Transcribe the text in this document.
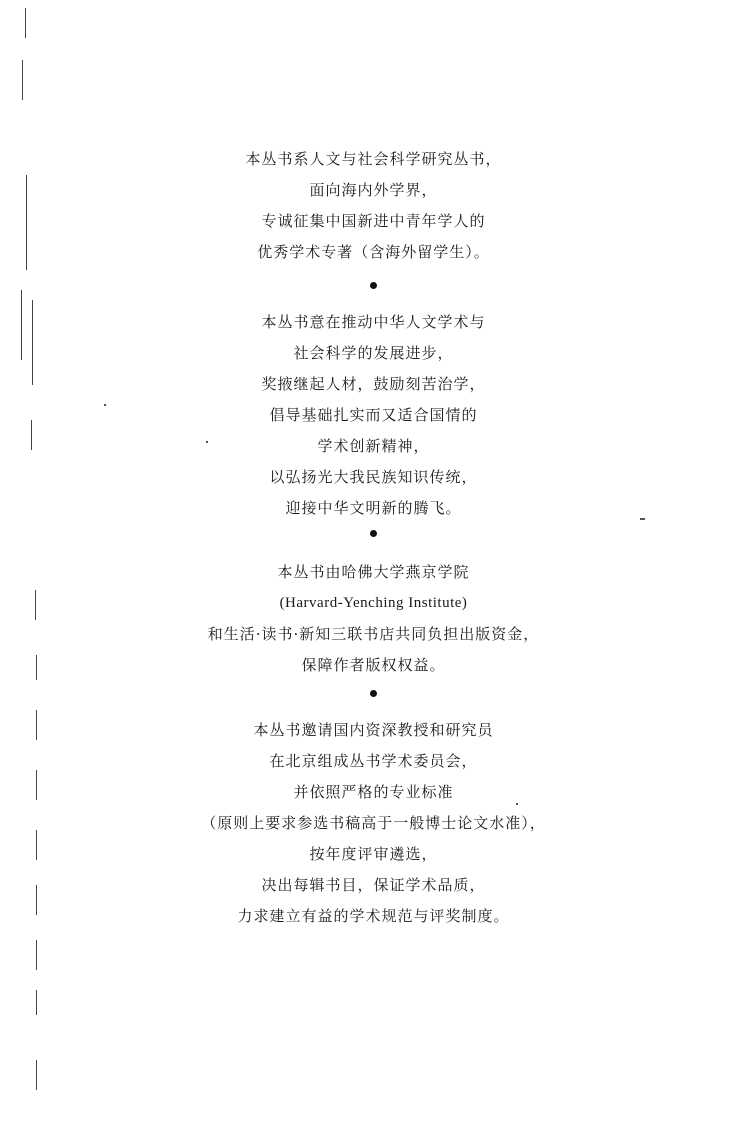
本丛书系人文与社会科学研究丛书，
面向海内外学界，
专诚征集中国新进中青年学人的
优秀学术专著（含海外留学生）。
本丛书意在推动中华人文学术与
社会科学的发展进步，
奖掖继起人材，鼓励刻苦治学，
倡导基础扎实而又适合国情的
学术创新精神，
以弘扬光大我民族知识传统，
迎接中华文明新的腾飞。
本丛书由哈佛大学燕京学院
(Harvard-Yenching Institute)
和生活·读书·新知三联书店共同负担出版资金，
保障作者版权权益。
本丛书邀请国内资深教授和研究员
在北京组成丛书学术委员会，
并依照严格的专业标准
（原则上要求参选书稿高于一般博士论文水准），
按年度评审遴选，
决出每辑书目，保证学术品质，
力求建立有益的学术规范与评奖制度。
